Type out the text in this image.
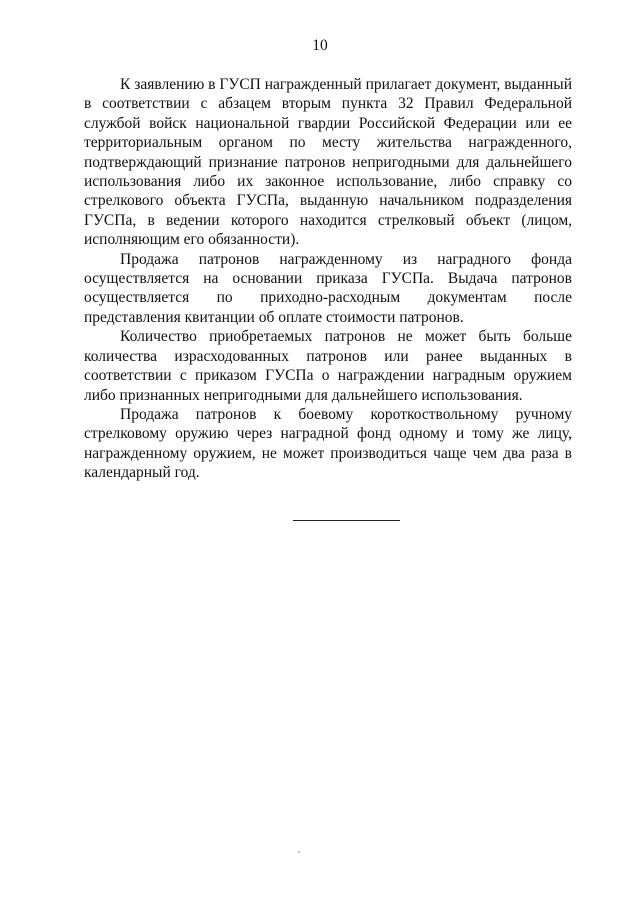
10

К заявлению в ГУСП награжденный прилагает документ, выданный в соответствии с абзацем вторым пункта 32 Правил Федеральной службой войск национальной гвардии Российской Федерации или ее территориальным органом по месту жительства награжденного, подтверждающий признание патронов непригодными для дальнейшего использования либо их законное использование, либо справку со стрелкового объекта ГУСПа, выданную начальником подразделения ГУСПа, в ведении которого находится стрелковый объект (лицом, исполняющим его обязанности).

Продажа патронов награжденному из наградного фонда осуществляется на основании приказа ГУСПа. Выдача патронов осуществляется по приходно-расходным документам после представления квитанции об оплате стоимости патронов.

Количество приобретаемых патронов не может быть больше количества израсходованных патронов или ранее выданных в соответствии с приказом ГУСПа о награждении наградным оружием либо признанных непригодными для дальнейшего использования.

Продажа патронов к боевому короткоствольному ручному стрелковому оружию через наградной фонд одному и тому же лицу, награжденному оружием, не может производиться чаще чем два раза в календарный год.
